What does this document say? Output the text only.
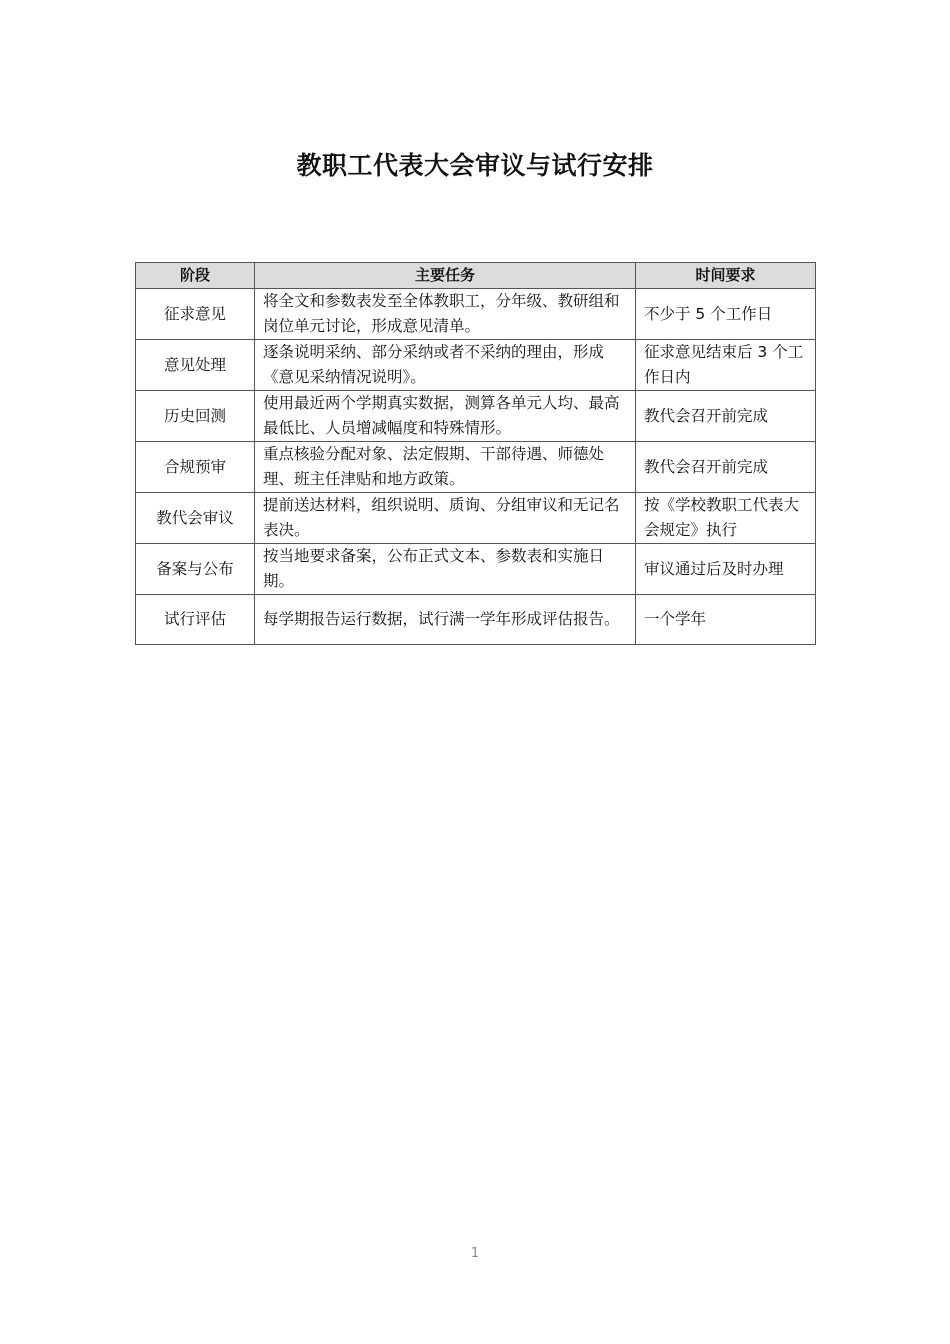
教职工代表大会审议与试行安排
阶段	主要任务	时间要求
征求意见	将全文和参数表发至全体教职工，分年级、教研组和岗位单元讨论，形成意见清单。	不少于 5 个工作日
意见处理	逐条说明采纳、部分采纳或者不采纳的理由，形成《意见采纳情况说明》。	征求意见结束后 3 个工作日内
历史回测	使用最近两个学期真实数据，测算各单元人均、最高最低比、人员增减幅度和特殊情形。	教代会召开前完成
合规预审	重点核验分配对象、法定假期、干部待遇、师德处理、班主任津贴和地方政策。	教代会召开前完成
教代会审议	提前送达材料，组织说明、质询、分组审议和无记名表决。	按《学校教职工代表大会规定》执行
备案与公布	按当地要求备案，公布正式文本、参数表和实施日期。	审议通过后及时办理
试行评估	每学期报告运行数据，试行满一学年形成评估报告。	一个学年
1
